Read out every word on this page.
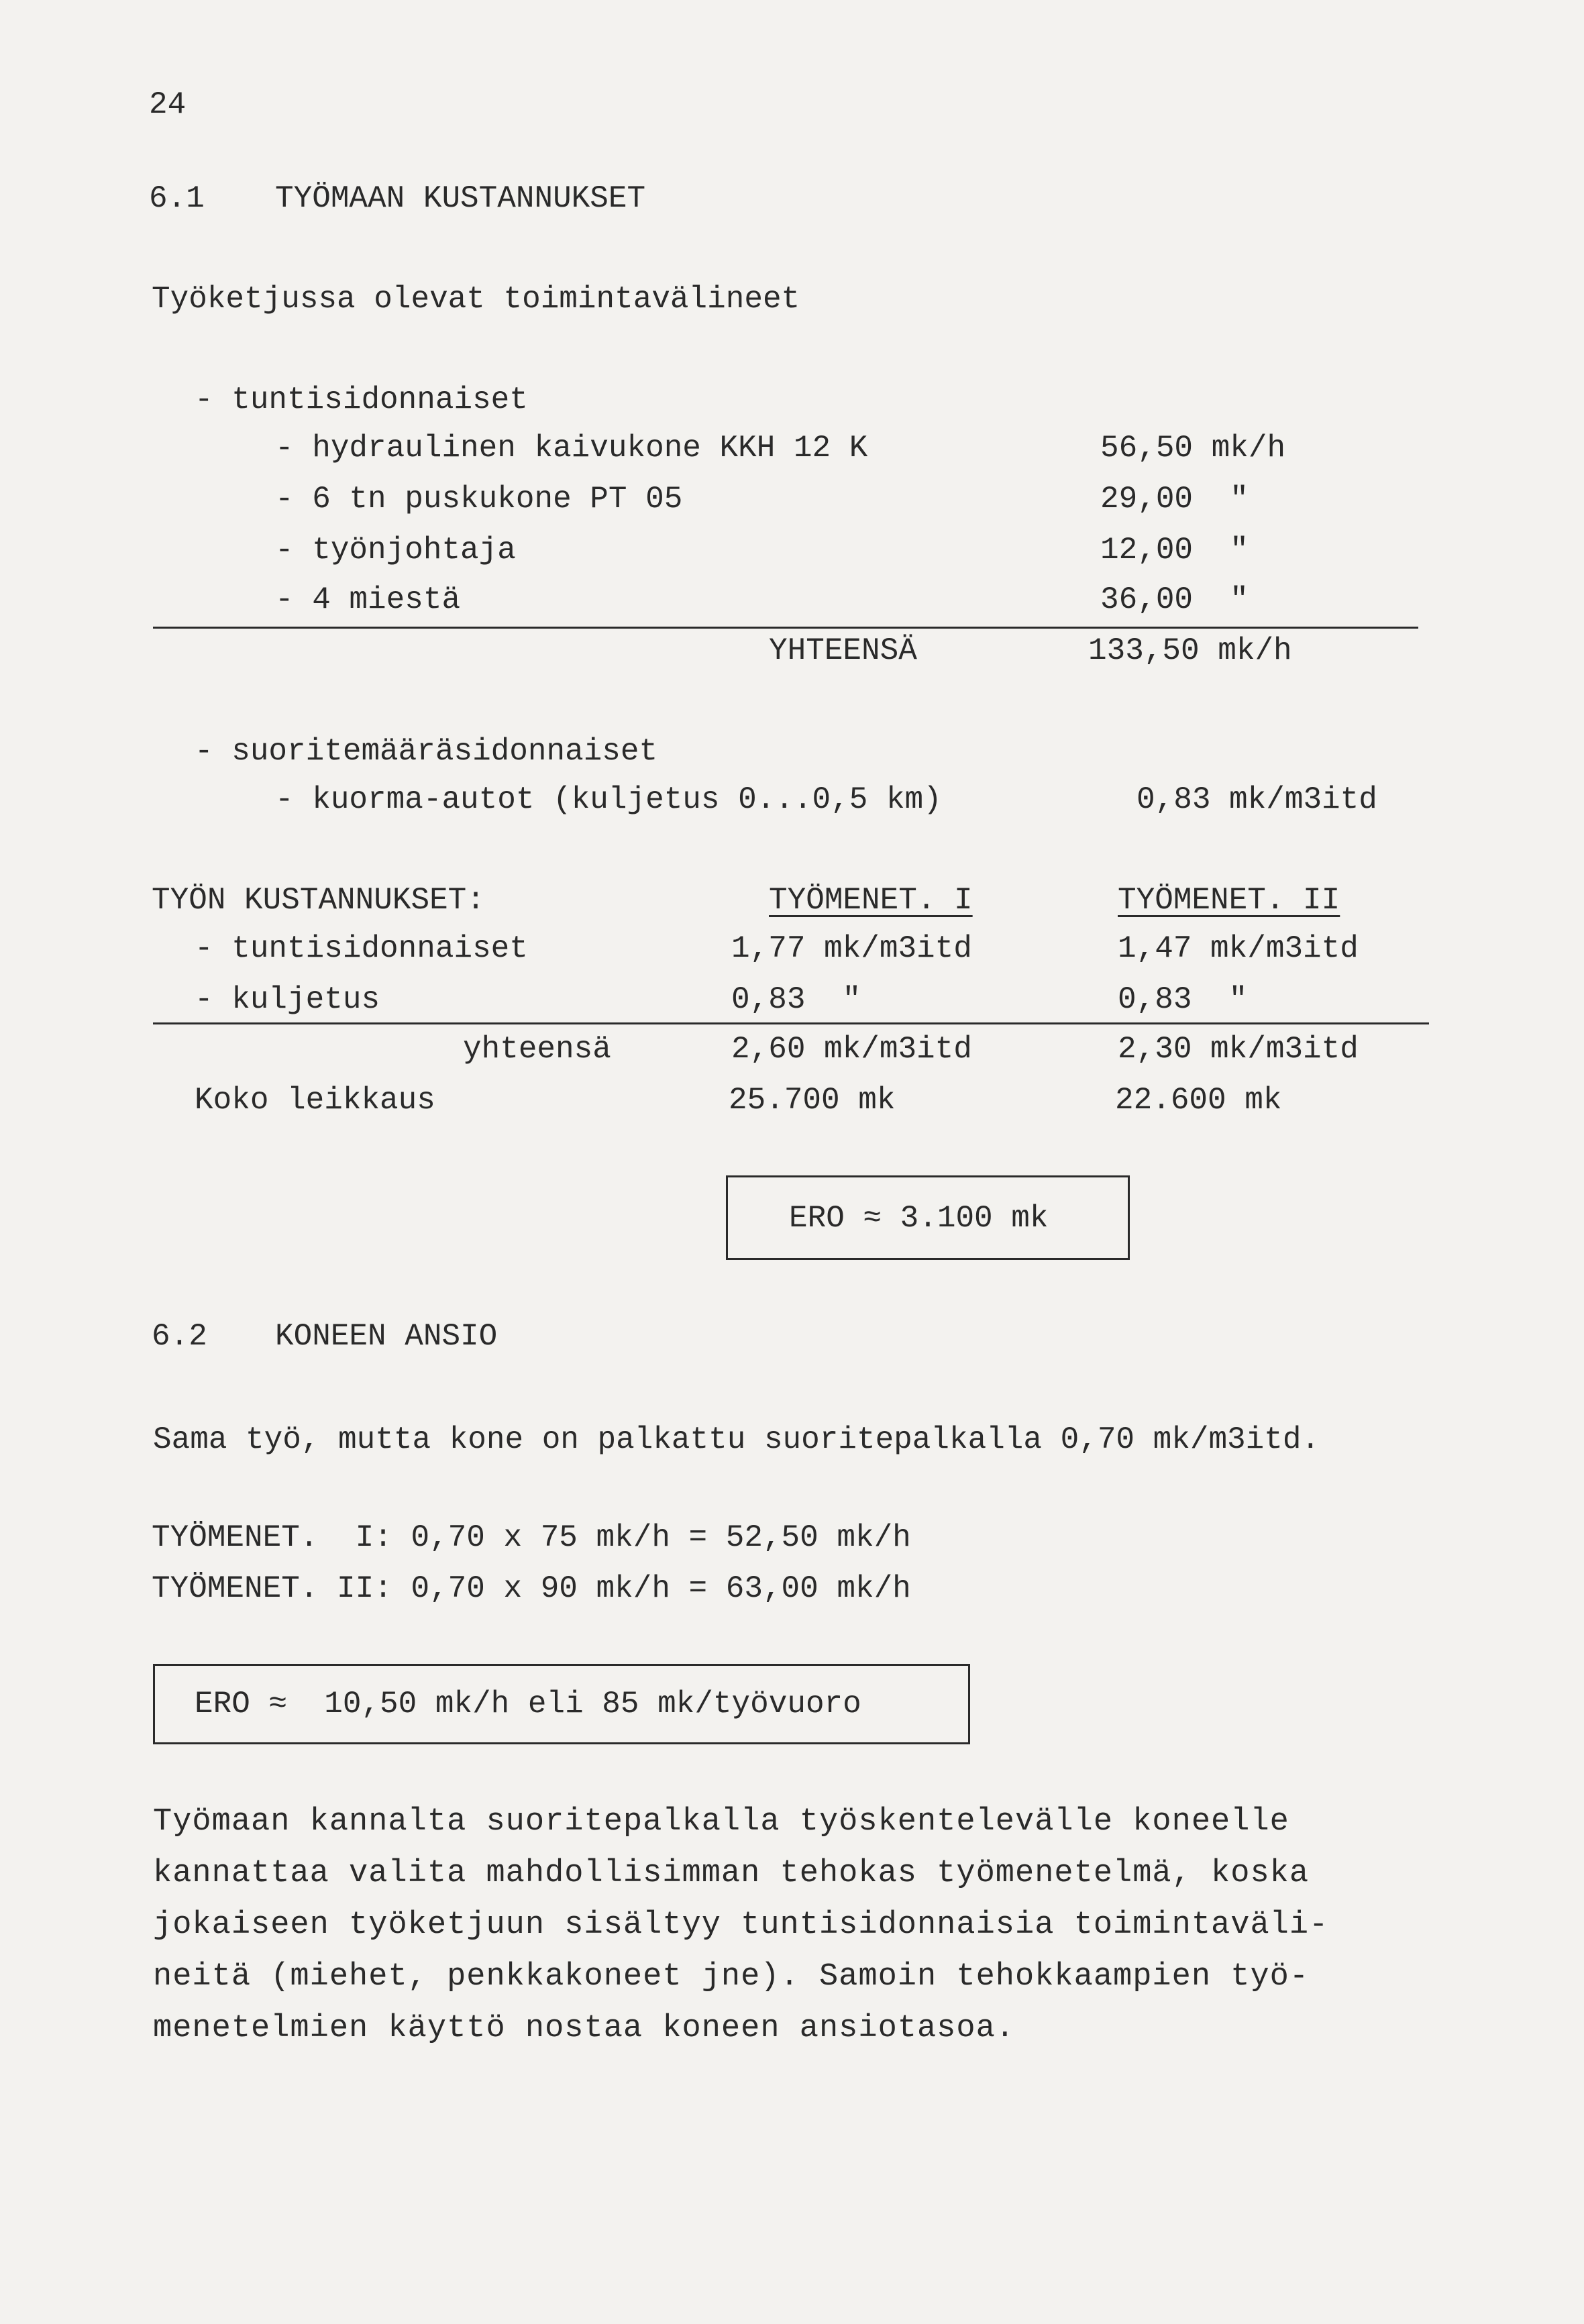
24
6.1 TYÖMAAN KUSTANNUKSET
Työketjussa olevat toimintavälineet
- tuntisidonnaiset
- hydraulinen kaivukone KKH 12 K	56,50 mk/h
- 6 tn puskukone PT 05	29,00  "
- työnjohtaja	12,00  "
- 4 miestä	36,00  "
YHTEENSÄ	133,50 mk/h
- suoritemääräsidonnaiset
- kuorma-autot (kuljetus 0...0,5 km)	0,83 mk/m3itd
TYÖN KUSTANNUKSET:	TYÖMENET. I	TYÖMENET. II
- tuntisidonnaiset	1,77 mk/m3itd	1,47 mk/m3itd
- kuljetus	0,83  "	0,83  "
yhteensä	2,60 mk/m3itd	2,30 mk/m3itd
Koko leikkaus	25.700 mk	22.600 mk
ERO ≈ 3.100 mk
6.2 KONEEN ANSIO
Sama työ, mutta kone on palkattu suoritepalkalla 0,70 mk/m3itd.
TYÖMENET.  I: 0,70 x 75 mk/h = 52,50 mk/h
TYÖMENET. II: 0,70 x 90 mk/h = 63,00 mk/h
ERO ≈  10,50 mk/h eli 85 mk/työvuoro
Työmaan kannalta suoritepalkalla työskentelevälle koneelle
kannattaa valita mahdollisimman tehokas työmenetelmä, koska
jokaiseen työketjuun sisältyy tuntisidonnaisia toimintaväli-
neitä (miehet, penkkakoneet jne). Samoin tehokkaampien työ-
menetelmien käyttö nostaa koneen ansiotasoa.
